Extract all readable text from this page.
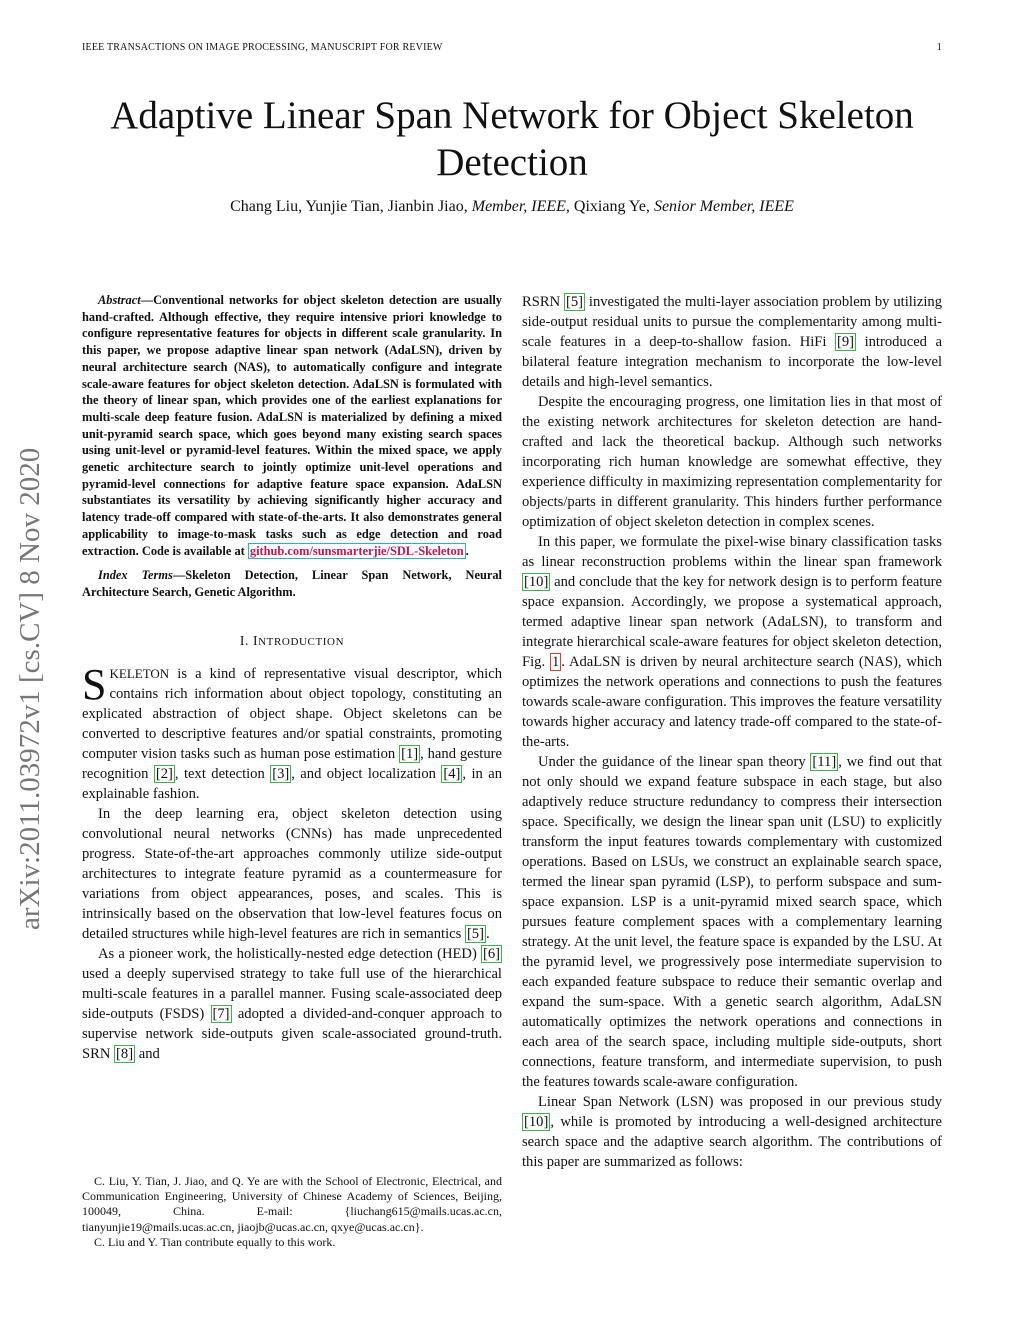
IEEE TRANSACTIONS ON IMAGE PROCESSING, MANUSCRIPT FOR REVIEW	1
arXiv:2011.03972v1 [cs.CV] 8 Nov 2020
Adaptive Linear Span Network for Object Skeleton Detection
Chang Liu, Yunjie Tian, Jianbin Jiao, Member, IEEE, Qixiang Ye, Senior Member, IEEE
Abstract—Conventional networks for object skeleton detection are usually hand-crafted. Although effective, they require intensive priori knowledge to configure representative features for objects in different scale granularity. In this paper, we propose adaptive linear span network (AdaLSN), driven by neural architecture search (NAS), to automatically configure and integrate scale-aware features for object skeleton detection. AdaLSN is formulated with the theory of linear span, which provides one of the earliest explanations for multi-scale deep feature fusion. AdaLSN is materialized by defining a mixed unit-pyramid search space, which goes beyond many existing search spaces using unit-level or pyramid-level features. Within the mixed space, we apply genetic architecture search to jointly optimize unit-level operations and pyramid-level connections for adaptive feature space expansion. AdaLSN substantiates its versatility by achieving significantly higher accuracy and latency trade-off compared with state-of-the-arts. It also demonstrates general applicability to image-to-mask tasks such as edge detection and road extraction. Code is available at github.com/sunsmarterjie/SDL-Skeleton .
Index Terms—Skeleton Detection, Linear Span Network, Neural Architecture Search, Genetic Algorithm.
I. INTRODUCTION

SKELETON is a kind of representative visual descriptor, which contains rich information about object topology, constituting an explicated abstraction of object shape. Object skeletons can be converted to descriptive features and/or spatial constraints, promoting computer vision tasks such as human pose estimation [1] , hand gesture recognition [2] , text detection [3] , and object localization [4] , in an explainable fashion.

In the deep learning era, object skeleton detection using convolutional neural networks (CNNs) has made unprecedented progress. State-of-the-art approaches commonly utilize side-output architectures to integrate feature pyramid as a countermeasure for variations from object appearances, poses, and scales. This is intrinsically based on the observation that low-level features focus on detailed structures while high-level features are rich in semantics [5] .

As a pioneer work, the holistically-nested edge detection (HED) [6] used a deeply supervised strategy to take full use of the hierarchical multi-scale features in a parallel manner. Fusing scale-associated deep side-outputs (FSDS) [7] adopted a divided-and-conquer approach to supervise network side-outputs given scale-associated ground-truth. SRN [8] and

C. Liu, Y. Tian, J. Jiao, and Q. Ye are with the School of Electronic, Electrical, and Communication Engineering, University of Chinese Academy of Sciences, Beijing, 100049, China. E-mail: {liuchang615@mails.ucas.ac.cn, tianyunjie19@mails.ucas.ac.cn, jiaojb@ucas.ac.cn, qxye@ucas.ac.cn}.

C. Liu and Y. Tian contribute equally to this work.

RSRN [5] investigated the multi-layer association problem by utilizing side-output residual units to pursue the complementarity among multi-scale features in a deep-to-shallow fasion. HiFi [9] introduced a bilateral feature integration mechanism to incorporate the low-level details and high-level semantics.

Despite the encouraging progress, one limitation lies in that most of the existing network architectures for skeleton detection are hand-crafted and lack the theoretical backup. Although such networks incorporating rich human knowledge are somewhat effective, they experience difficulty in maximizing representation complementarity for objects/parts in different granularity. This hinders further performance optimization of object skeleton detection in complex scenes.

In this paper, we formulate the pixel-wise binary classification tasks as linear reconstruction problems within the linear span framework [10] and conclude that the key for network design is to perform feature space expansion. Accordingly, we propose a systematical approach, termed adaptive linear span network (AdaLSN), to transform and integrate hierarchical scale-aware features for object skeleton detection, Fig. 1 . AdaLSN is driven by neural architecture search (NAS), which optimizes the network operations and connections to push the features towards scale-aware configuration. This improves the feature versatility towards higher accuracy and latency trade-off compared to the state-of-the-arts.

Under the guidance of the linear span theory [11] , we find out that not only should we expand feature subspace in each stage, but also adaptively reduce structure redundancy to compress their intersection space. Specifically, we design the linear span unit (LSU) to explicitly transform the input features towards complementary with customized operations. Based on LSUs, we construct an explainable search space, termed the linear span pyramid (LSP), to perform subspace and sum-space expansion. LSP is a unit-pyramid mixed search space, which pursues feature complement spaces with a complementary learning strategy. At the unit level, the feature space is expanded by the LSU. At the pyramid level, we progressively pose intermediate supervision to each expanded feature subspace to reduce their semantic overlap and expand the sum-space. With a genetic search algorithm, AdaLSN automatically optimizes the network operations and connections in each area of the search space, including multiple side-outputs, short connections, feature transform, and intermediate supervision, to push the features towards scale-aware configuration.

Linear Span Network (LSN) was proposed in our previous study [10] , while is promoted by introducing a well-designed architecture search space and the adaptive search algorithm. The contributions of this paper are summarized as follows:
